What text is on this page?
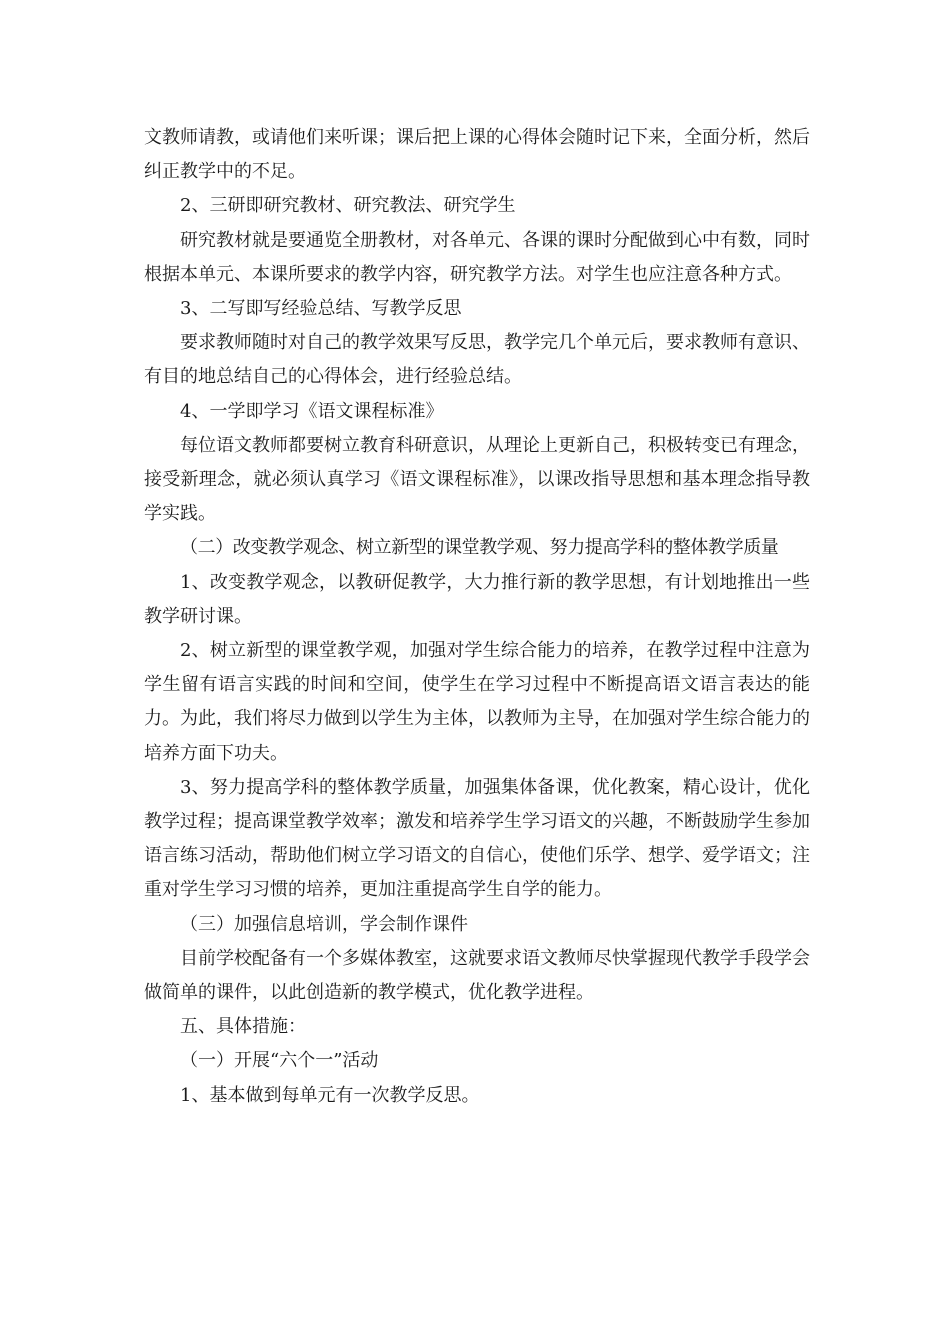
文教师请教，或请他们来听课；课后把上课的心得体会随时记下来，全面分析，然后纠正教学中的不足。

2、三研即研究教材、研究教法、研究学生

研究教材就是要通览全册教材，对各单元、各课的课时分配做到心中有数，同时根据本单元、本课所要求的教学内容，研究教学方法。对学生也应注意各种方式。

3、二写即写经验总结、写教学反思

要求教师随时对自己的教学效果写反思，教学完几个单元后，要求教师有意识、有目的地总结自己的心得体会，进行经验总结。

4、一学即学习《语文课程标准》

每位语文教师都要树立教育科研意识，从理论上更新自己，积极转变已有理念，接受新理念，就必须认真学习《语文课程标准》，以课改指导思想和基本理念指导教学实践。

（二）改变教学观念、树立新型的课堂教学观、努力提高学科的整体教学质量

1、改变教学观念，以教研促教学，大力推行新的教学思想，有计划地推出一些教学研讨课。

2、树立新型的课堂教学观，加强对学生综合能力的培养，在教学过程中注意为学生留有语言实践的时间和空间，使学生在学习过程中不断提高语文语言表达的能力。为此，我们将尽力做到以学生为主体，以教师为主导，在加强对学生综合能力的培养方面下功夫。

3、努力提高学科的整体教学质量，加强集体备课，优化教案，精心设计，优化教学过程；提高课堂教学效率；激发和培养学生学习语文的兴趣，不断鼓励学生参加语言练习活动，帮助他们树立学习语文的自信心，使他们乐学、想学、爱学语文；注重对学生学习习惯的培养，更加注重提高学生自学的能力。

（三）加强信息培训，学会制作课件

目前学校配备有一个多媒体教室，这就要求语文教师尽快掌握现代教学手段学会做简单的课件，以此创造新的教学模式，优化教学进程。

五、具体措施：

（一）开展“六个一”活动

1、基本做到每单元有一次教学反思。
